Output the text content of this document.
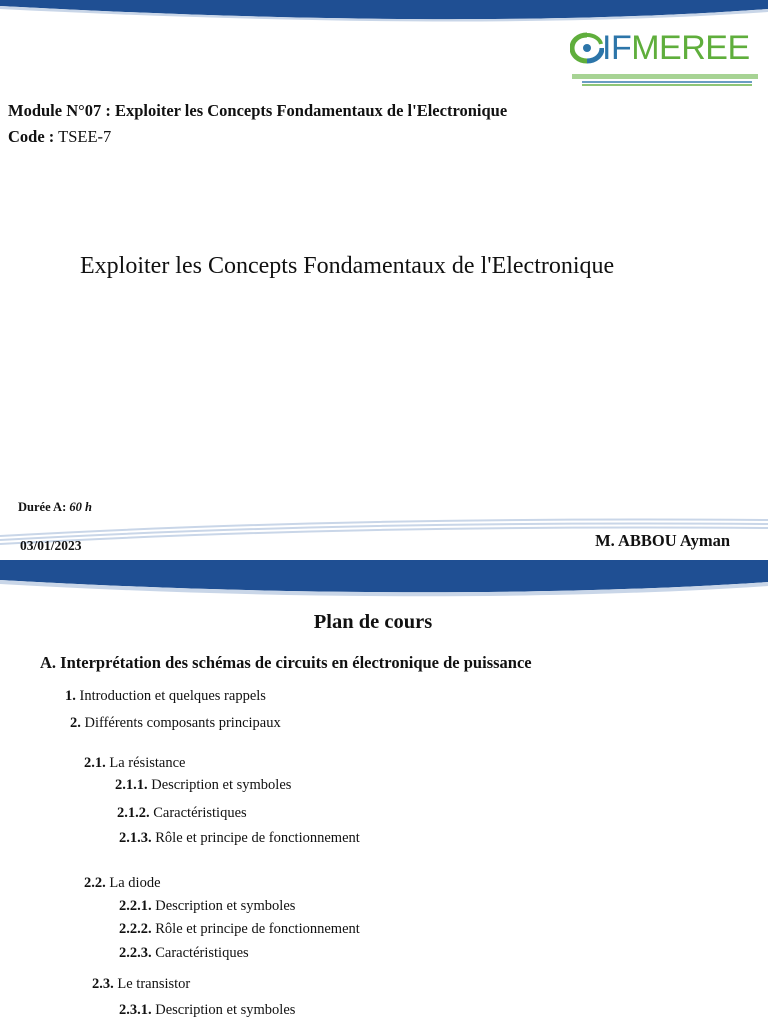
IFMEREE
Module N°07 : Exploiter les Concepts Fondamentaux de l'Electronique
Code : TSEE-7
Exploiter les Concepts Fondamentaux de l'Electronique
Durée A: 60 h
03/01/2023	M. ABBOU Ayman
Plan de cours
A. Interprétation des schémas de circuits en électronique de puissance
1. Introduction et quelques rappels
2. Différents composants principaux
2.1. La résistance
2.1.1. Description et symboles
2.1.2. Caractéristiques
2.1.3. Rôle et principe de fonctionnement
2.2. La diode
2.2.1. Description et symboles
2.2.2. Rôle et principe de fonctionnement
2.2.3. Caractéristiques
2.3. Le transistor
2.3.1. Description et symboles
